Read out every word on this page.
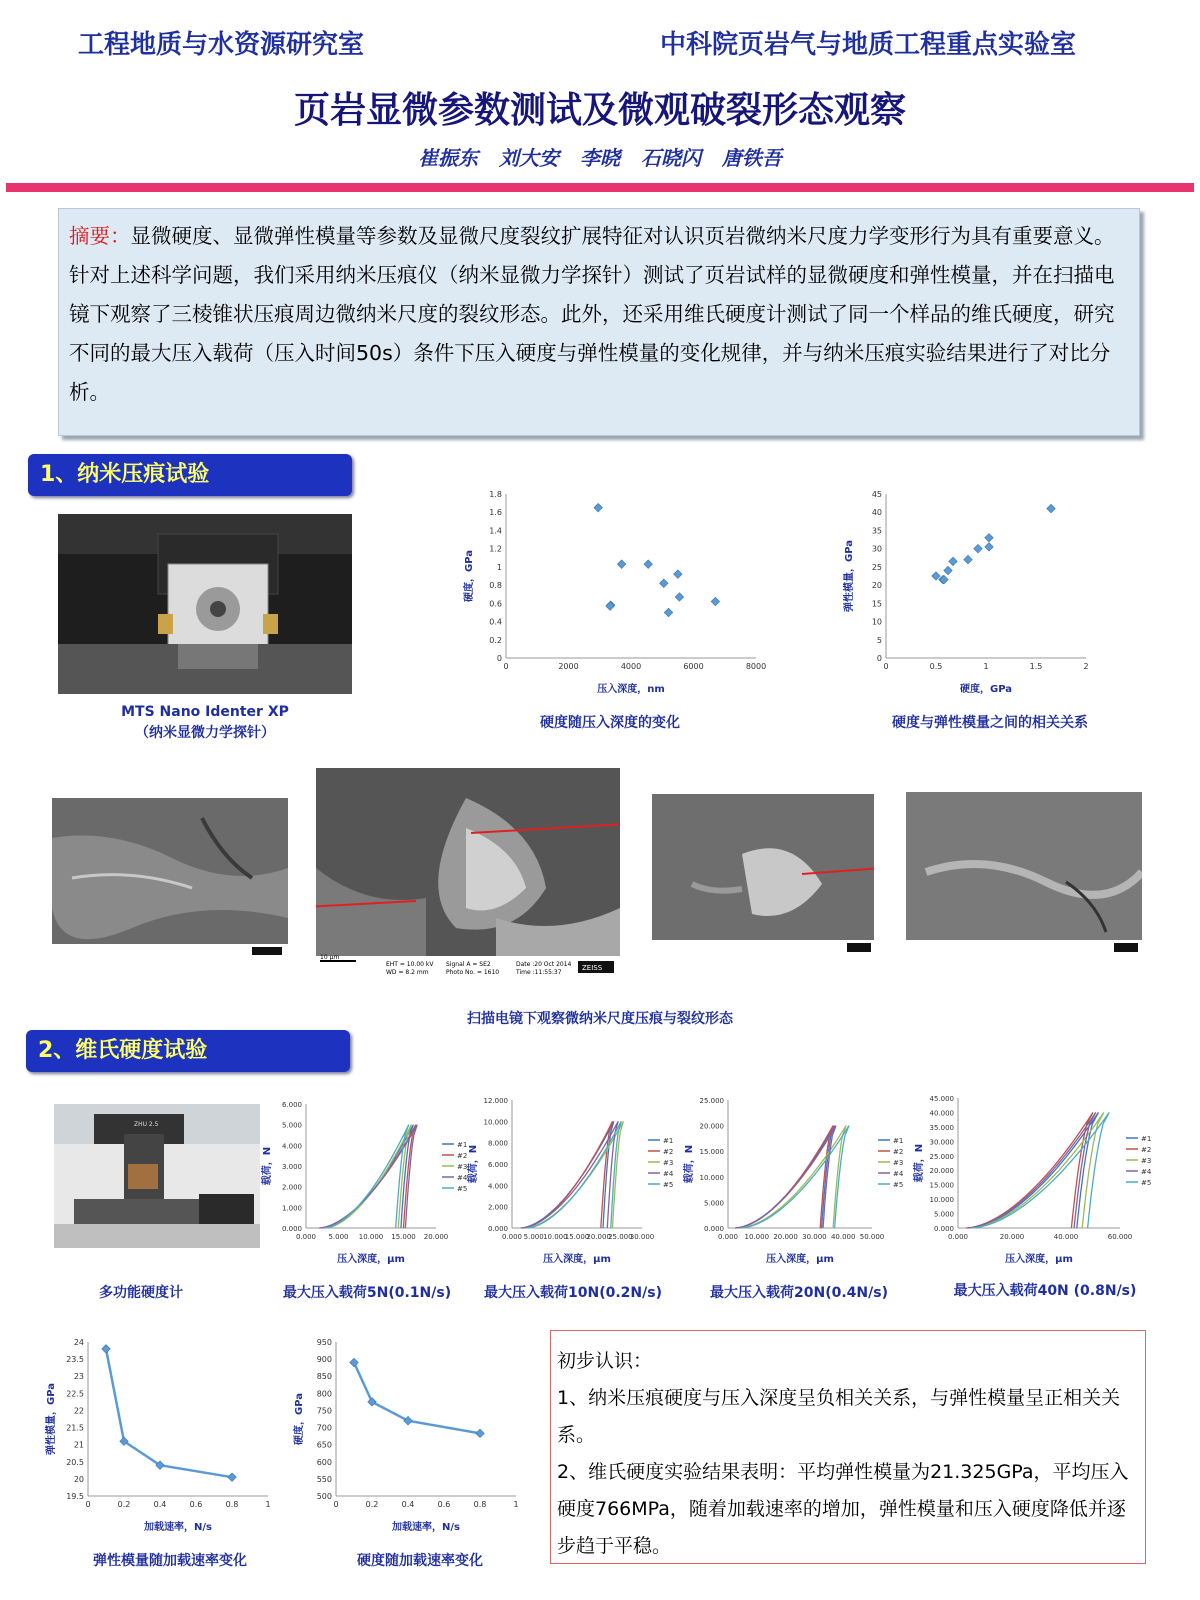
工程地质与水资源研究室	中科院页岩气与地质工程重点实验室
页岩显微参数测试及微观破裂形态观察
崔振东 刘大安 李晓 石晓闪 唐铁吾
摘要：显微硬度、显微弹性模量等参数及显微尺度裂纹扩展特征对认识页岩微纳米尺度力学变形行为具有重要意义。针对上述科学问题，我们采用纳米压痕仪（纳米显微力学探针）测试了页岩试样的显微硬度和弹性模量，并在扫描电镜下观察了三棱锥状压痕周边微纳米尺度的裂纹形态。此外，还采用维氏硬度计测试了同一个样品的维氏硬度，研究不同的最大压入载荷（压入时间50s）条件下压入硬度与弹性模量的变化规律，并与纳米压痕实验结果进行了对比分析。
1、纳米压痕试验
MTS Nano Identer XP
（纳米显微力学探针）
0
0.2
0.4
0.6
0.8
1
1.2
1.4
1.6
1.8
0	2000	4000	6000	8000
压入深度，nm
硬度，GPa
硬度随压入深度的变化
0
5
10
15
20
25
30
35
40
45
0	0.5	1	1.5	2
硬度，GPa
弹性模量，GPa
硬度与弹性模量之间的相关关系
10 μm
EHT = 10.00 kV
WD = 8.2 mm
Signal A = SE2
Photo No. = 1610
Date :20 Oct 2014
Time :11:55:37
ZEISS
扫描电镜下观察微纳米尺度压痕与裂纹形态
2、维氏硬度试验
ZHU 2.5
多功能硬度计
0.000
1.000
2.000
3.000
4.000
5.000
6.000
0.000 5.000 10.000 15.000 20.000
压入深度，μm
载荷，N
#1
#2
#3
#4
#5
最大压入载荷5N(0.1N/s)
0.000
2.000
4.000
6.000
8.000
10.000
12.000
0.000 5.000 10.000
15.000
20.000
25.000
30.000
压入深度，μm
载荷，N
#1
#2
#3
#4
#5
最大压入载荷10N(0.2N/s)
0.000
5.000
10.000
15.000
20.000
25.000
0.000 10.000 20.000 30.000 40.000 50.000
压入深度，μm
载荷，N
#1
#2
#3
#4
#5
最大压入载荷20N(0.4N/s)
0.000
5.000
10.000
15.000
20.000
25.000
30.000
35.000
40.000
45.000
0.000	20.000	40.000	60.000
压入深度，μm
载荷，N
#1
#2
#3
#4
#5
最大压入载荷40N (0.8N/s)
19.5
20
20.5
21
21.5
22
22.5
23
23.5
24
0	0.2	0.4	0.6	0.8	1
加载速率，N/s
弹性模量，GPa
弹性模量随加载速率变化
500
550
600
650
700
750
800
850
900
950
0	0.2	0.4	0.6	0.8	1
加载速率，N/s
硬度，GPa
硬度随加载速率变化
初步认识：
1、纳米压痕硬度与压入深度呈负相关关系，与弹性模量呈正相关关系。
2、维氏硬度实验结果表明：平均弹性模量为21.325GPa，平均压入硬度766MPa，随着加载速率的增加，弹性模量和压入硬度降低并逐步趋于平稳。
